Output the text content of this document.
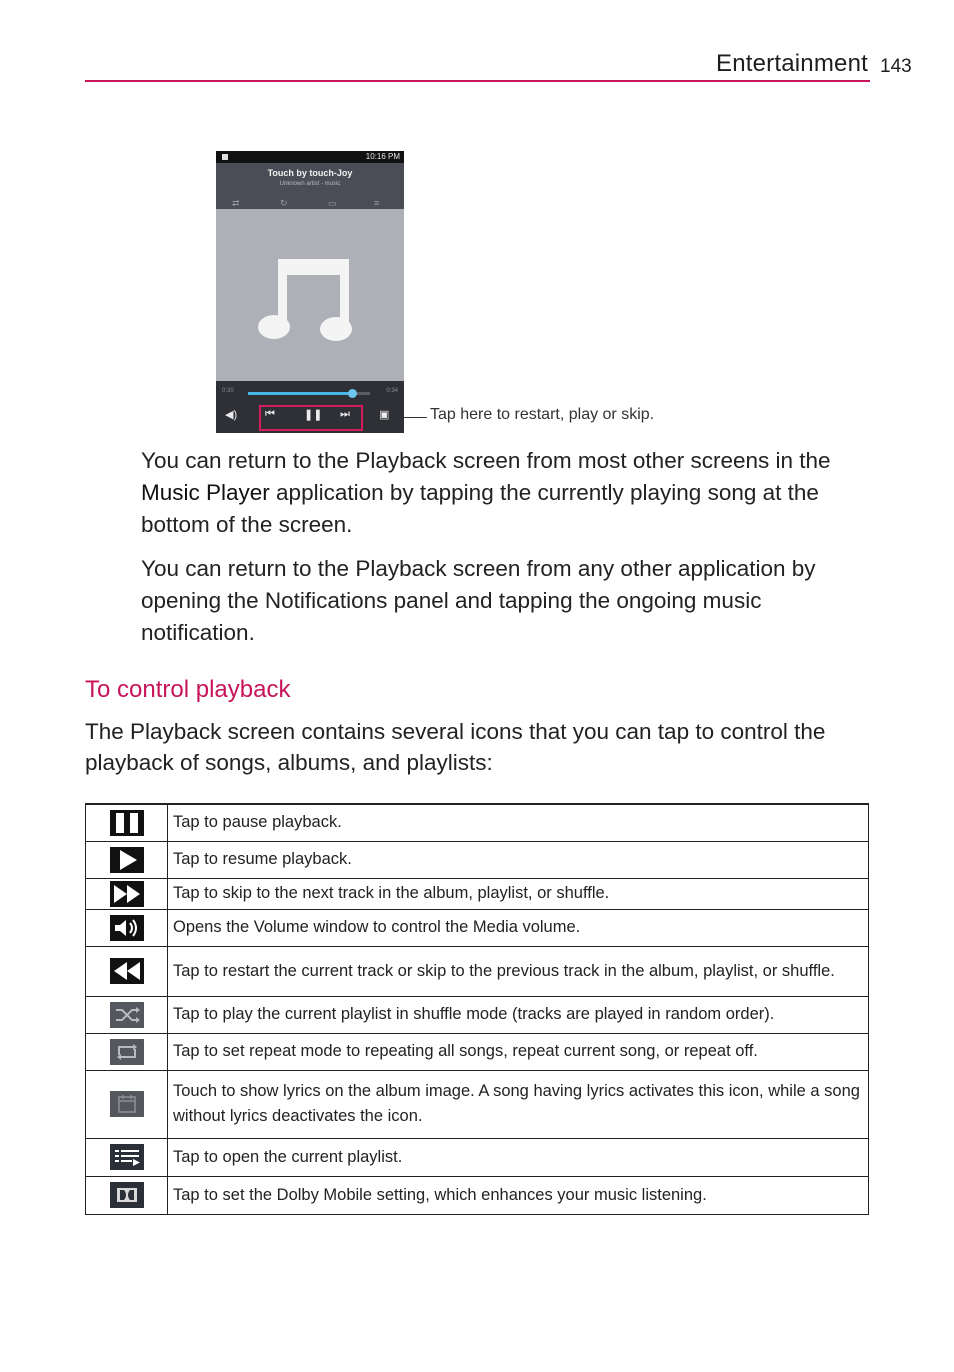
Entertainment 143
10:16 PM
Touch by touch-Joy
Unknown artist - music
⇄	↻	▭	≡
0:30	0:34
◀)	⏮	❚❚ ⏭	▣	Tap here to restart, play or skip.

You can return to the Playback screen from most other screens in the Music Player application by tapping the currently playing song at the bottom of the screen.

You can return to the Playback screen from any other application by opening the Notifications panel and tapping the ongoing music notification.

To control playback

The Playback screen contains several icons that you can tap to control the playback of songs, albums, and playlists:

	Tap to pause playback.

	Tap to resume playback.

	Tap to skip to the next track in the album, playlist, or shuffle.

	Opens the Volume window to control the Media volume.

	Tap to restart the current track or skip to the previous track in the album, playlist, or shuffle.

	Tap to play the current playlist in shuffle mode (tracks are played in random order).

	Tap to set repeat mode to repeating all songs, repeat current song, or repeat off.

	Touch to show lyrics on the album image. A song having lyrics activates this icon, while a song without lyrics deactivates the icon.

	Tap to open the current playlist.

	Tap to set the Dolby Mobile setting, which enhances your music listening.
